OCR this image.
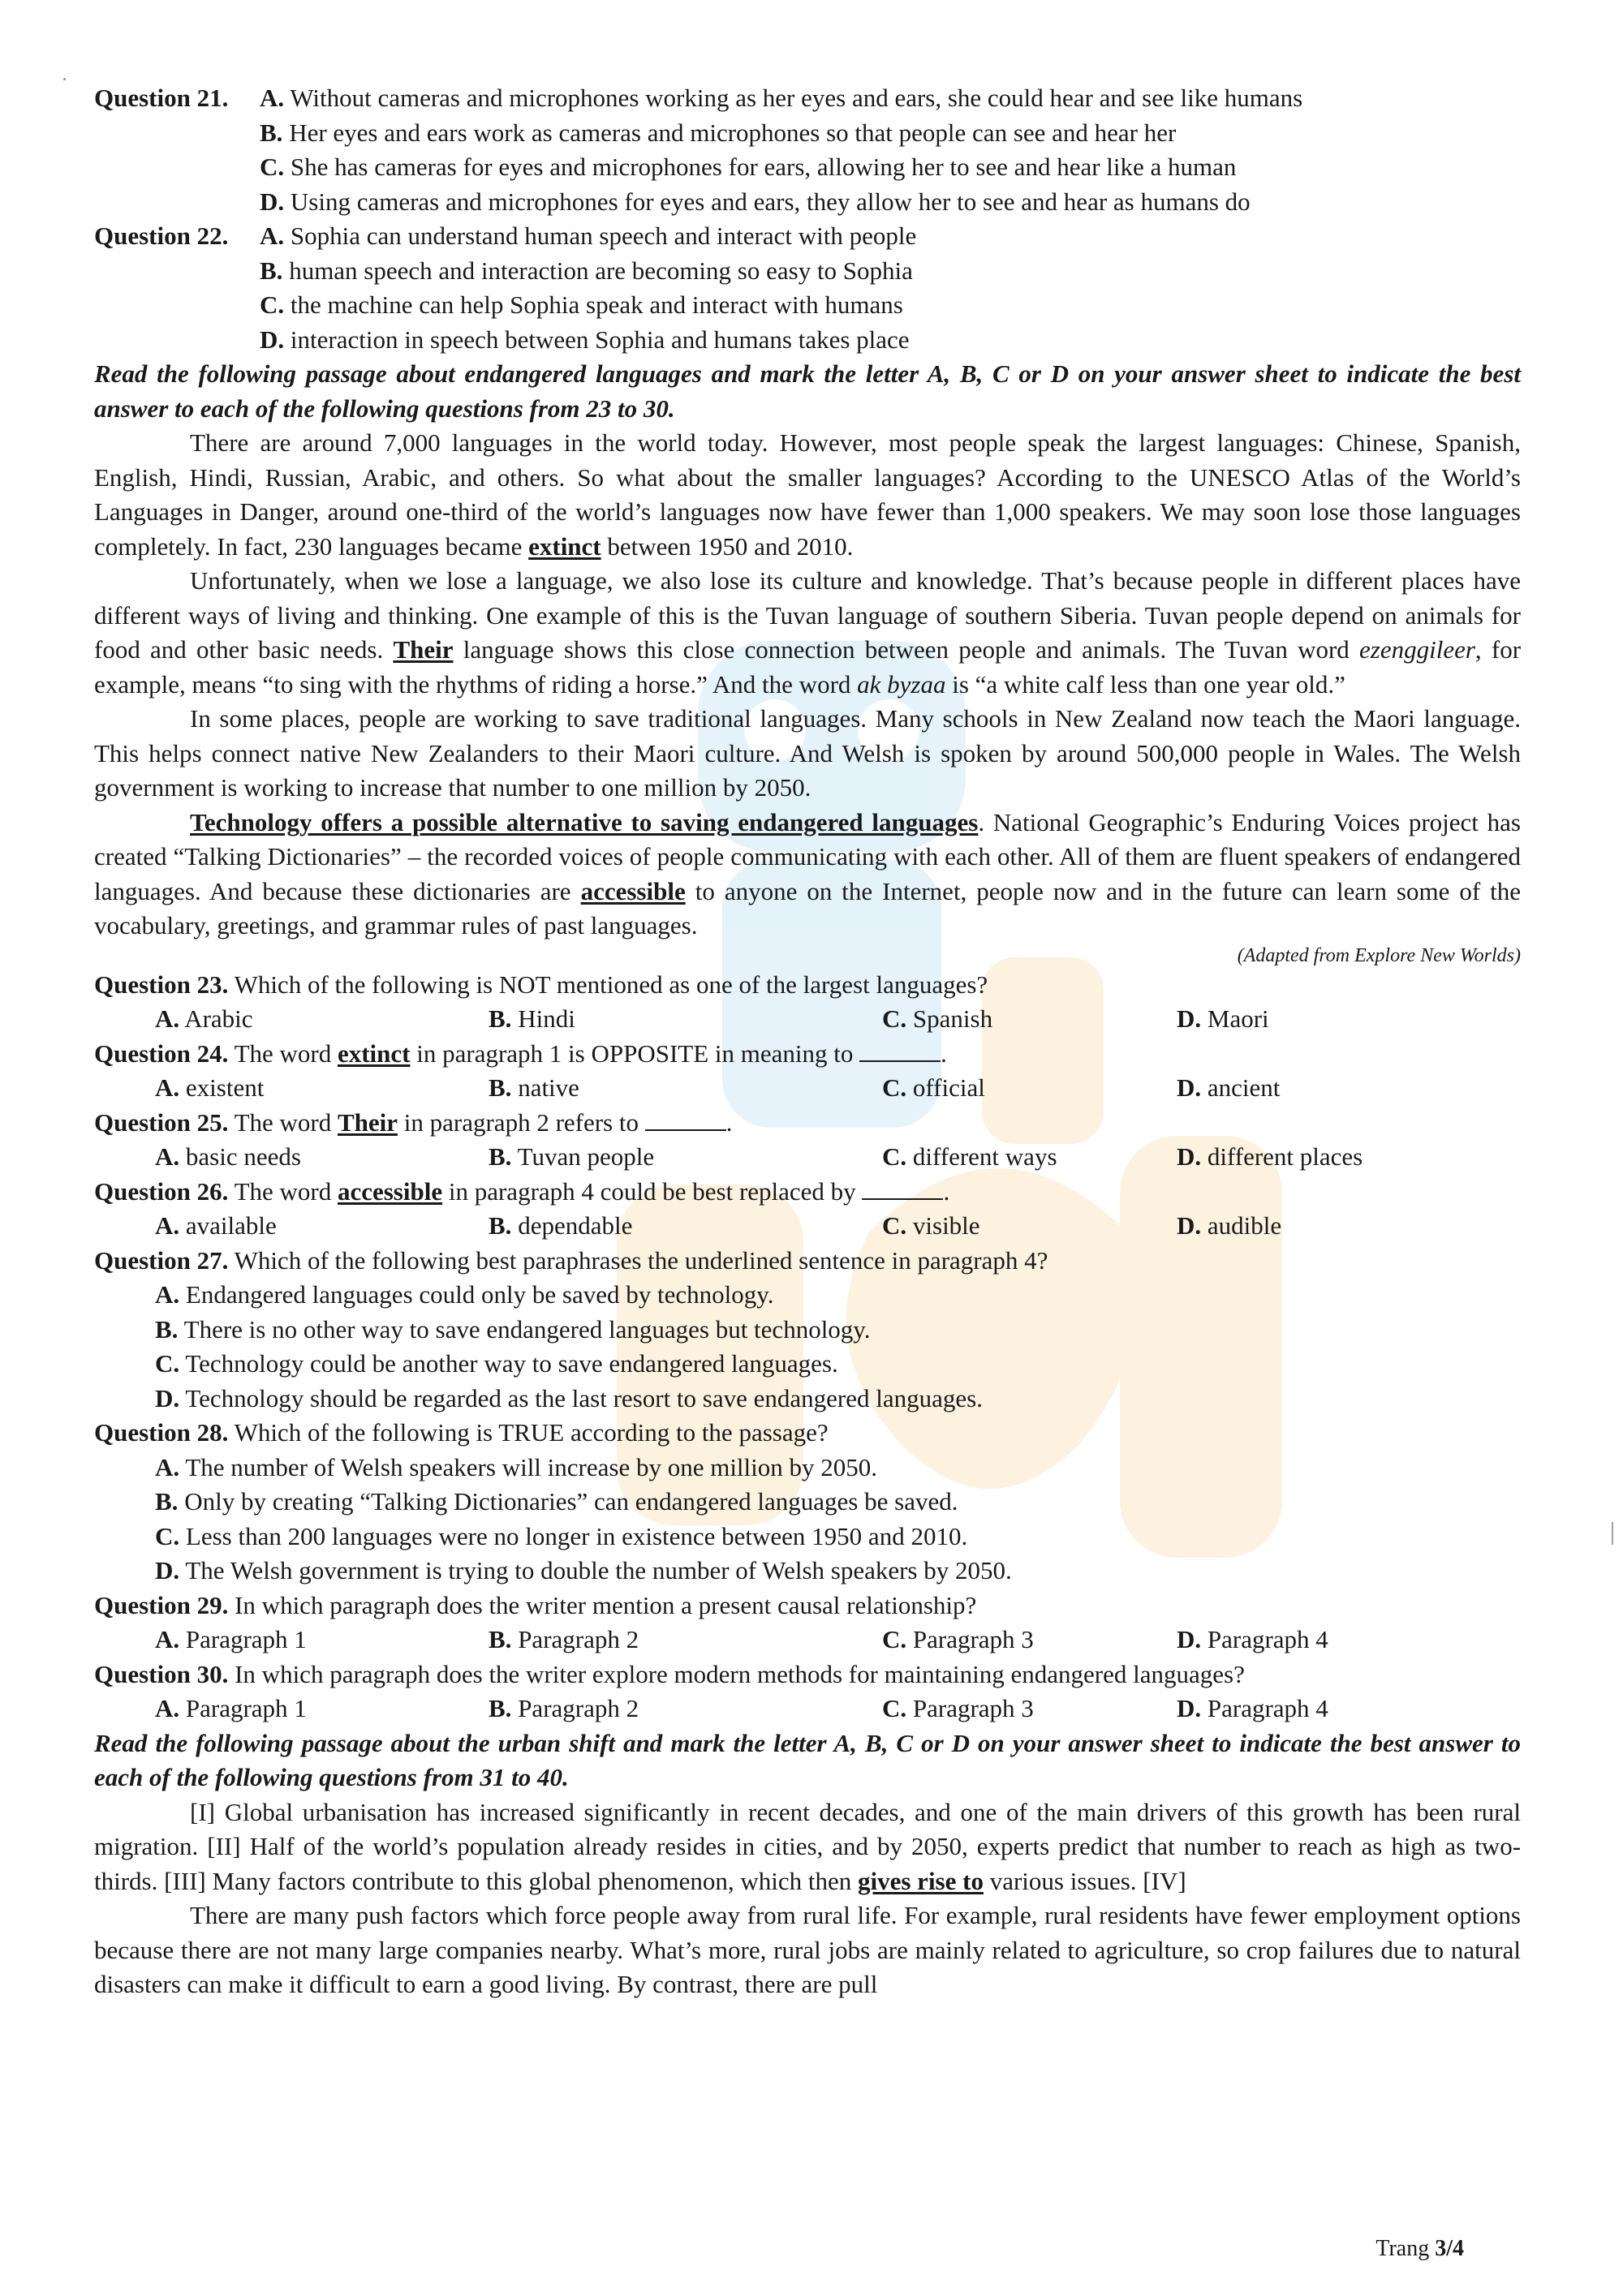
Question 21.	A. Without cameras and microphones working as her eyes and ears, she could hear and see like humans
B. Her eyes and ears work as cameras and microphones so that people can see and hear her
C. She has cameras for eyes and microphones for ears, allowing her to see and hear like a human
D. Using cameras and microphones for eyes and ears, they allow her to see and hear as humans do
Question 22.	A. Sophia can understand human speech and interact with people
B. human speech and interaction are becoming so easy to Sophia
C. the machine can help Sophia speak and interact with humans
D. interaction in speech between Sophia and humans takes place
Read the following passage about endangered languages and mark the letter A, B, C or D on your answer sheet to indicate the best answer to each of the following questions from 23 to 30.
There are around 7,000 languages in the world today. However, most people speak the largest languages: Chinese, Spanish, English, Hindi, Russian, Arabic, and others. So what about the smaller languages? According to the UNESCO Atlas of the World’s Languages in Danger, around one-third of the world’s languages now have fewer than 1,000 speakers. We may soon lose those languages completely. In fact, 230 languages became extinct between 1950 and 2010.
Unfortunately, when we lose a language, we also lose its culture and knowledge. That’s because people in different places have different ways of living and thinking. One example of this is the Tuvan language of southern Siberia. Tuvan people depend on animals for food and other basic needs. Their language shows this close connection between people and animals. The Tuvan word ezenggileer, for example, means “to sing with the rhythms of riding a horse.” And the word ak byzaa is “a white calf less than one year old.”
In some places, people are working to save traditional languages. Many schools in New Zealand now teach the Maori language. This helps connect native New Zealanders to their Maori culture. And Welsh is spoken by around 500,000 people in Wales. The Welsh government is working to increase that number to one million by 2050.
Technology offers a possible alternative to saving endangered languages. National Geographic’s Enduring Voices project has created “Talking Dictionaries” – the recorded voices of people communicating with each other. All of them are fluent speakers of endangered languages. And because these dictionaries are accessible to anyone on the Internet, people now and in the future can learn some of the vocabulary, greetings, and grammar rules of past languages.
(Adapted from Explore New Worlds)
Question 23. Which of the following is NOT mentioned as one of the largest languages?
A. Arabic	B. Hindi	C. Spanish	D. Maori
Question 24. The word extinct in paragraph 1 is OPPOSITE in meaning to	.
A. existent	B. native	C. official	D. ancient
Question 25. The word Their in paragraph 2 refers to	.
A. basic needs	B. Tuvan people	C. different ways	D. different places
Question 26. The word accessible in paragraph 4 could be best replaced by	.
A. available	B. dependable	C. visible	D. audible
Question 27. Which of the following best paraphrases the underlined sentence in paragraph 4?
A. Endangered languages could only be saved by technology.
B. There is no other way to save endangered languages but technology.
C. Technology could be another way to save endangered languages.
D. Technology should be regarded as the last resort to save endangered languages.
Question 28. Which of the following is TRUE according to the passage?
A. The number of Welsh speakers will increase by one million by 2050.
B. Only by creating “Talking Dictionaries” can endangered languages be saved.
C. Less than 200 languages were no longer in existence between 1950 and 2010.
D. The Welsh government is trying to double the number of Welsh speakers by 2050.
Question 29. In which paragraph does the writer mention a present causal relationship?
A. Paragraph 1	B. Paragraph 2	C. Paragraph 3	D. Paragraph 4
Question 30. In which paragraph does the writer explore modern methods for maintaining endangered languages?
A. Paragraph 1	B. Paragraph 2	C. Paragraph 3	D. Paragraph 4
Read the following passage about the urban shift and mark the letter A, B, C or D on your answer sheet to indicate the best answer to each of the following questions from 31 to 40.
[I] Global urbanisation has increased significantly in recent decades, and one of the main drivers of this growth has been rural migration. [II] Half of the world’s population already resides in cities, and by 2050, experts predict that number to reach as high as two-thirds. [III] Many factors contribute to this global phenomenon, which then gives rise to various issues. [IV]
There are many push factors which force people away from rural life. For example, rural residents have fewer employment options because there are not many large companies nearby. What’s more, rural jobs are mainly related to agriculture, so crop failures due to natural disasters can make it difficult to earn a good living. By contrast, there are pull
Trang 3/4
